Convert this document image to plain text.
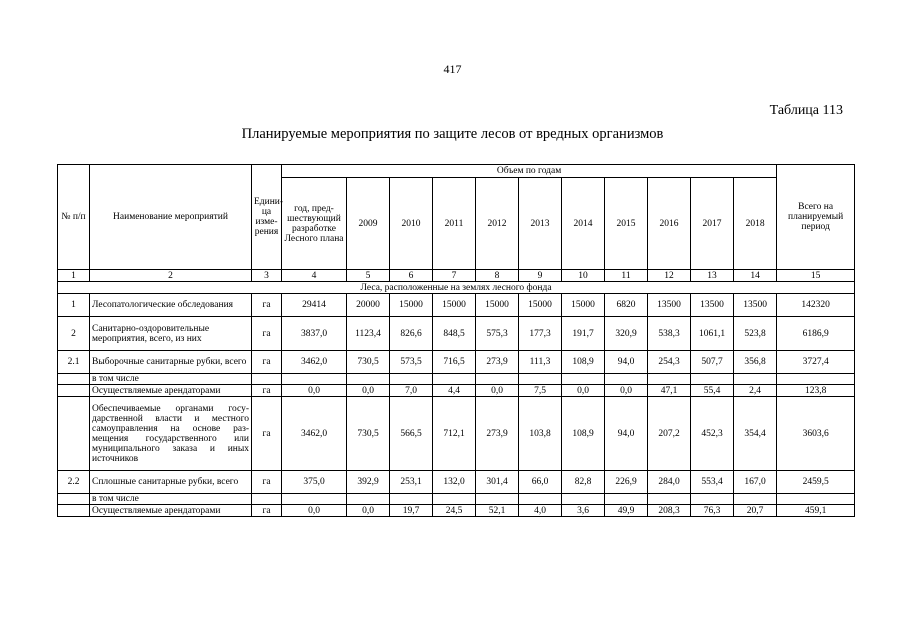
417
Таблица 113
Планируемые мероприятия по защите лесов от вредных организмов
№ п/п	Наименование мероприятий	Единица измерения	Объем по годам											Всего на планируемый период
			год, предшествующий разработке Лесного плана	2009	2010	2011	2012	2013	2014	2015	2016	2017	2018	
1	2	3	4	5	6	7	8	9	10	11	12	13	14	15
Леса, расположенные на землях лесного фонда														
1	Лесопатологические обследования	га	29414	20000	15000	15000	15000	15000	15000	6820	13500	13500	13500	142320
2	Санитарно-оздоровительные мероприятия, всего, из них	га	3837,0	1123,4	826,6	848,5	575,3	177,3	191,7	320,9	538,3	1061,1	523,8	6186,9
2.1	Выборочные санитарные рубки, всего	га	3462,0	730,5	573,5	716,5	273,9	111,3	108,9	94,0	254,3	507,7	356,8	3727,4
	в том числе													
	Осуществляемые арендаторами	га	0,0	0,0	7,0	4,4	0,0	7,5	0,0	0,0	47,1	55,4	2,4	123,8
	Обеспечиваемые органами государственной власти и местного самоуправления на основе размещения государственного или муниципального заказа и иных источников	га	3462,0	730,5	566,5	712,1	273,9	103,8	108,9	94,0	207,2	452,3	354,4	3603,6
2.2	Сплошные санитарные рубки, всего	га	375,0	392,9	253,1	132,0	301,4	66,0	82,8	226,9	284,0	553,4	167,0	2459,5
	в том числе													
	Осуществляемые арендаторами	га	0,0	0,0	19,7	24,5	52,1	4,0	3,6	49,9	208,3	76,3	20,7	459,1
